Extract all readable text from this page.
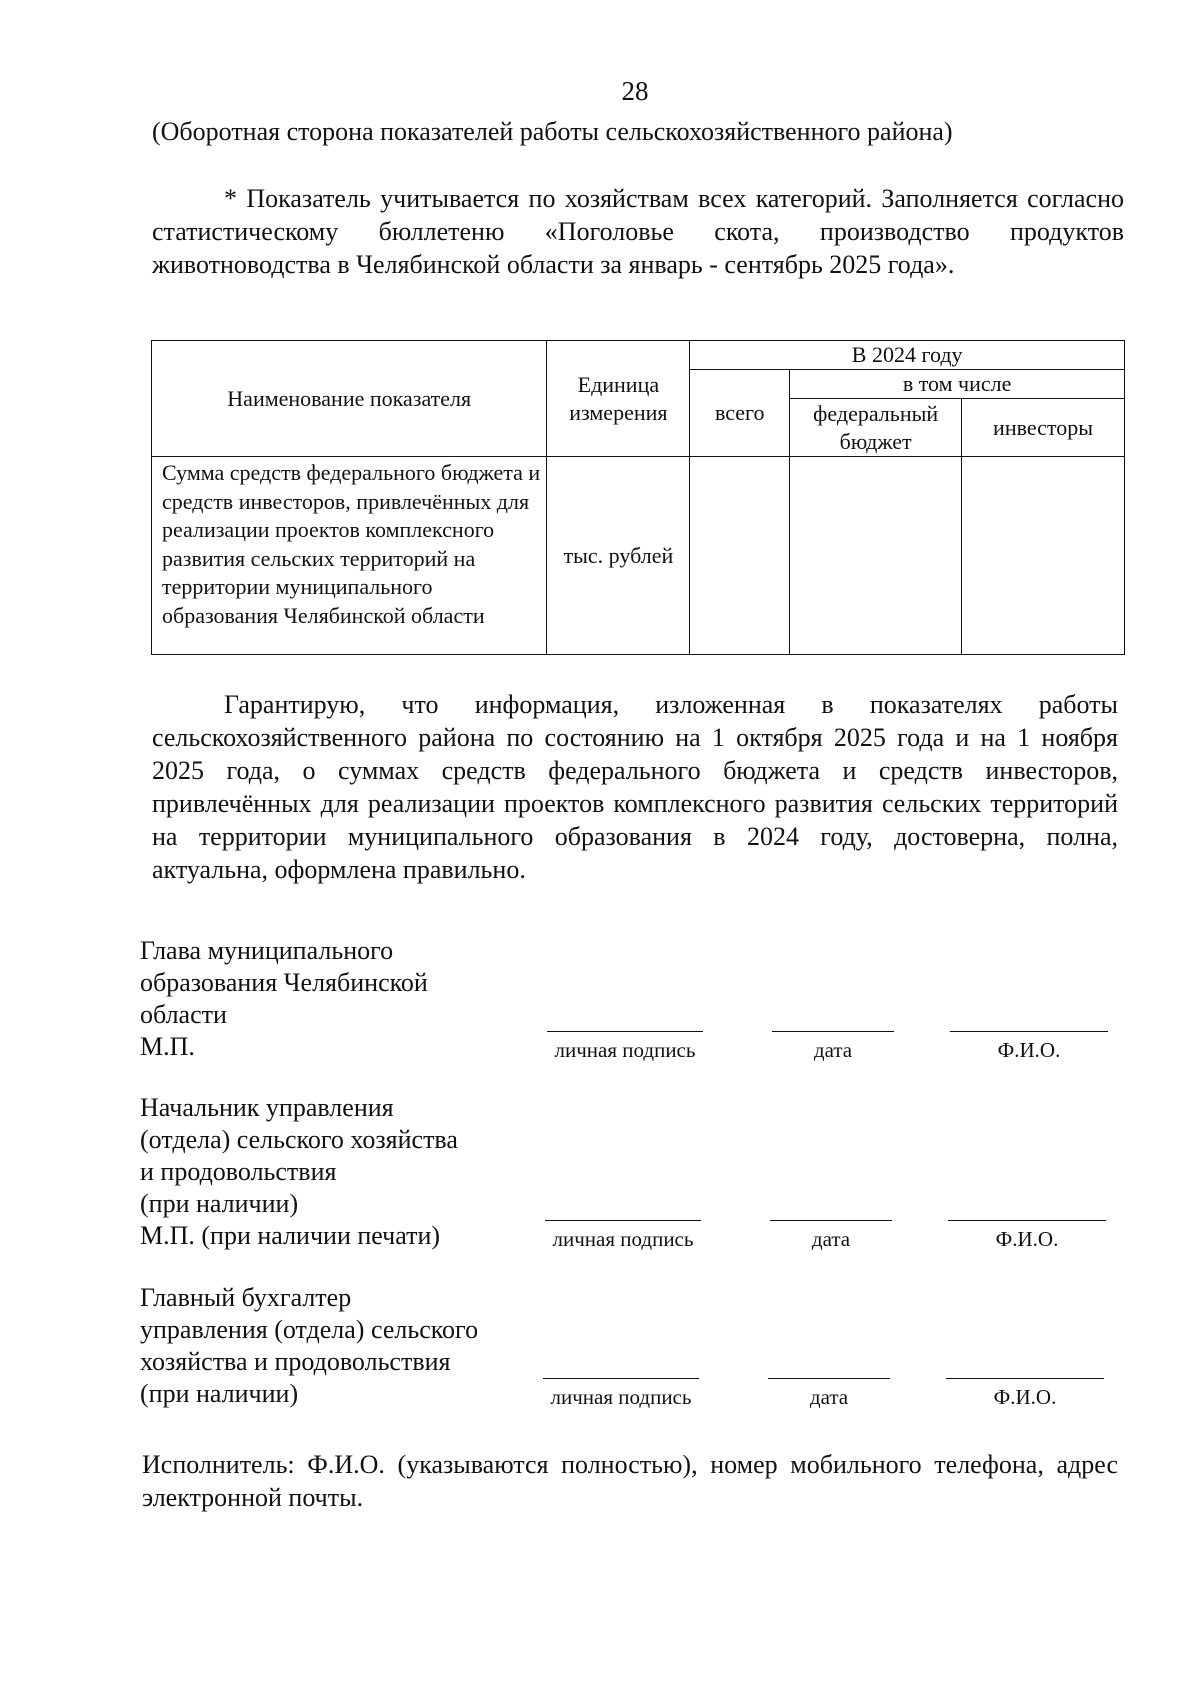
28
(Оборотная сторона показателей работы сельскохозяйственного района)
* Показатель учитывается по хозяйствам всех категорий. Заполняется согласно статистическому бюллетеню «Поголовье скота, производство продуктов животноводства в Челябинской области за январь - сентябрь 2025 года».
Наименование показателя	Единица измерения	В 2024 году		
		всего	в том числе	
			федеральный бюджет	инвесторы
Сумма средств федерального бюджета и средств инвесторов, привлечённых для реализации проектов комплексного развития сельских территорий на территории муниципального образования Челябинской области	тыс. рублей			
Гарантирую, что информация, изложенная в показателях работы сельскохозяйственного района по состоянию на 1 октября 2025 года и на 1 ноября 2025 года, о суммах средств федерального бюджета и средств инвесторов, привлечённых для реализации проектов комплексного развития сельских территорий на территории муниципального образования в 2024 году, достоверна, полна, актуальна, оформлена правильно.
Глава муниципального
образования Челябинской
области
М.П.	личная подпись	дата	Ф.И.О.
Начальник управления
(отдела) сельского хозяйства
и продовольствия
(при наличии)
М.П. (при наличии печати)	личная подпись	дата	Ф.И.О.
Главный бухгалтер
управления (отдела) сельского
хозяйства и продовольствия
(при наличии)	личная подпись	дата	Ф.И.О.
Исполнитель: Ф.И.О. (указываются полностью), номер мобильного телефона, адрес электронной почты.
